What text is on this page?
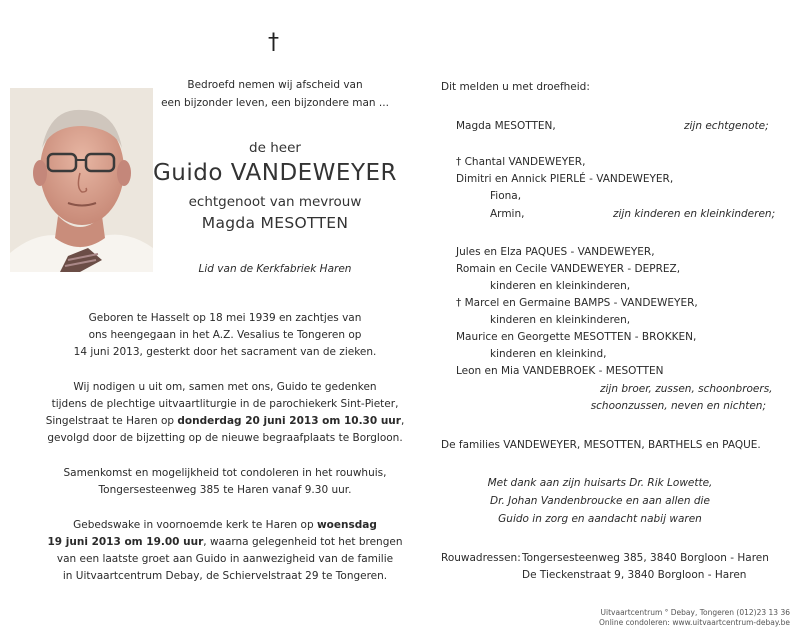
†
Bedroefd nemen wij afscheid van
een bijzonder leven, een bijzondere man ...
de heer
Guido VANDEWEYER
echtgenoot van mevrouw
Magda MESOTTEN
Lid van de Kerkfabriek Haren
Geboren te Hasselt op 18 mei 1939 en zachtjes van
ons heengegaan in het A.Z. Vesalius te Tongeren op
14 juni 2013, gesterkt door het sacrament van de zieken.
Wij nodigen u uit om, samen met ons, Guido te gedenken
tijdens de plechtige uitvaartliturgie in de parochiekerk Sint-Pieter,
Singelstraat te Haren op donderdag 20 juni 2013 om 10.30 uur,
gevolgd door de bijzetting op de nieuwe begraafplaats te Borgloon.
Samenkomst en mogelijkheid tot condoleren in het rouwhuis,
Tongersesteenweg 385 te Haren vanaf 9.30 uur.
Gebedswake in voornoemde kerk te Haren op woensdag
19 juni 2013 om 19.00 uur, waarna gelegenheid tot het brengen
van een laatste groet aan Guido in aanwezigheid van de familie
in Uitvaartcentrum Debay, de Schiervelstraat 29 te Tongeren.
Dit melden u met droefheid:
Magda MESOTTEN,	zijn echtgenote;
† Chantal VANDEWEYER,
Dimitri en Annick PIERLÉ - VANDEWEYER,
Fiona,
Armin,	zijn kinderen en kleinkinderen;
Jules en Elza PAQUES - VANDEWEYER,
Romain en Cecile VANDEWEYER - DEPREZ,
kinderen en kleinkinderen,
† Marcel en Germaine BAMPS - VANDEWEYER,
kinderen en kleinkinderen,
Maurice en Georgette MESOTTEN - BROKKEN,
kinderen en kleinkind,
Leon en Mia VANDEBROEK - MESOTTEN
zijn broer, zussen, schoonbroers,
schoonzussen, neven en nichten;
De families VANDEWEYER, MESOTTEN, BARTHELS en PAQUE.
Met dank aan zijn huisarts Dr. Rik Lowette,
Dr. Johan Vandenbroucke en aan allen die
Guido in zorg en aandacht nabij waren
Rouwadressen: Tongersesteenweg 385, 3840 Borgloon - Haren
De Tieckenstraat 9, 3840 Borgloon - Haren
Uitvaartcentrum ° Debay, Tongeren (012)23 13 36
Online condoleren: www.uitvaartcentrum-debay.be
